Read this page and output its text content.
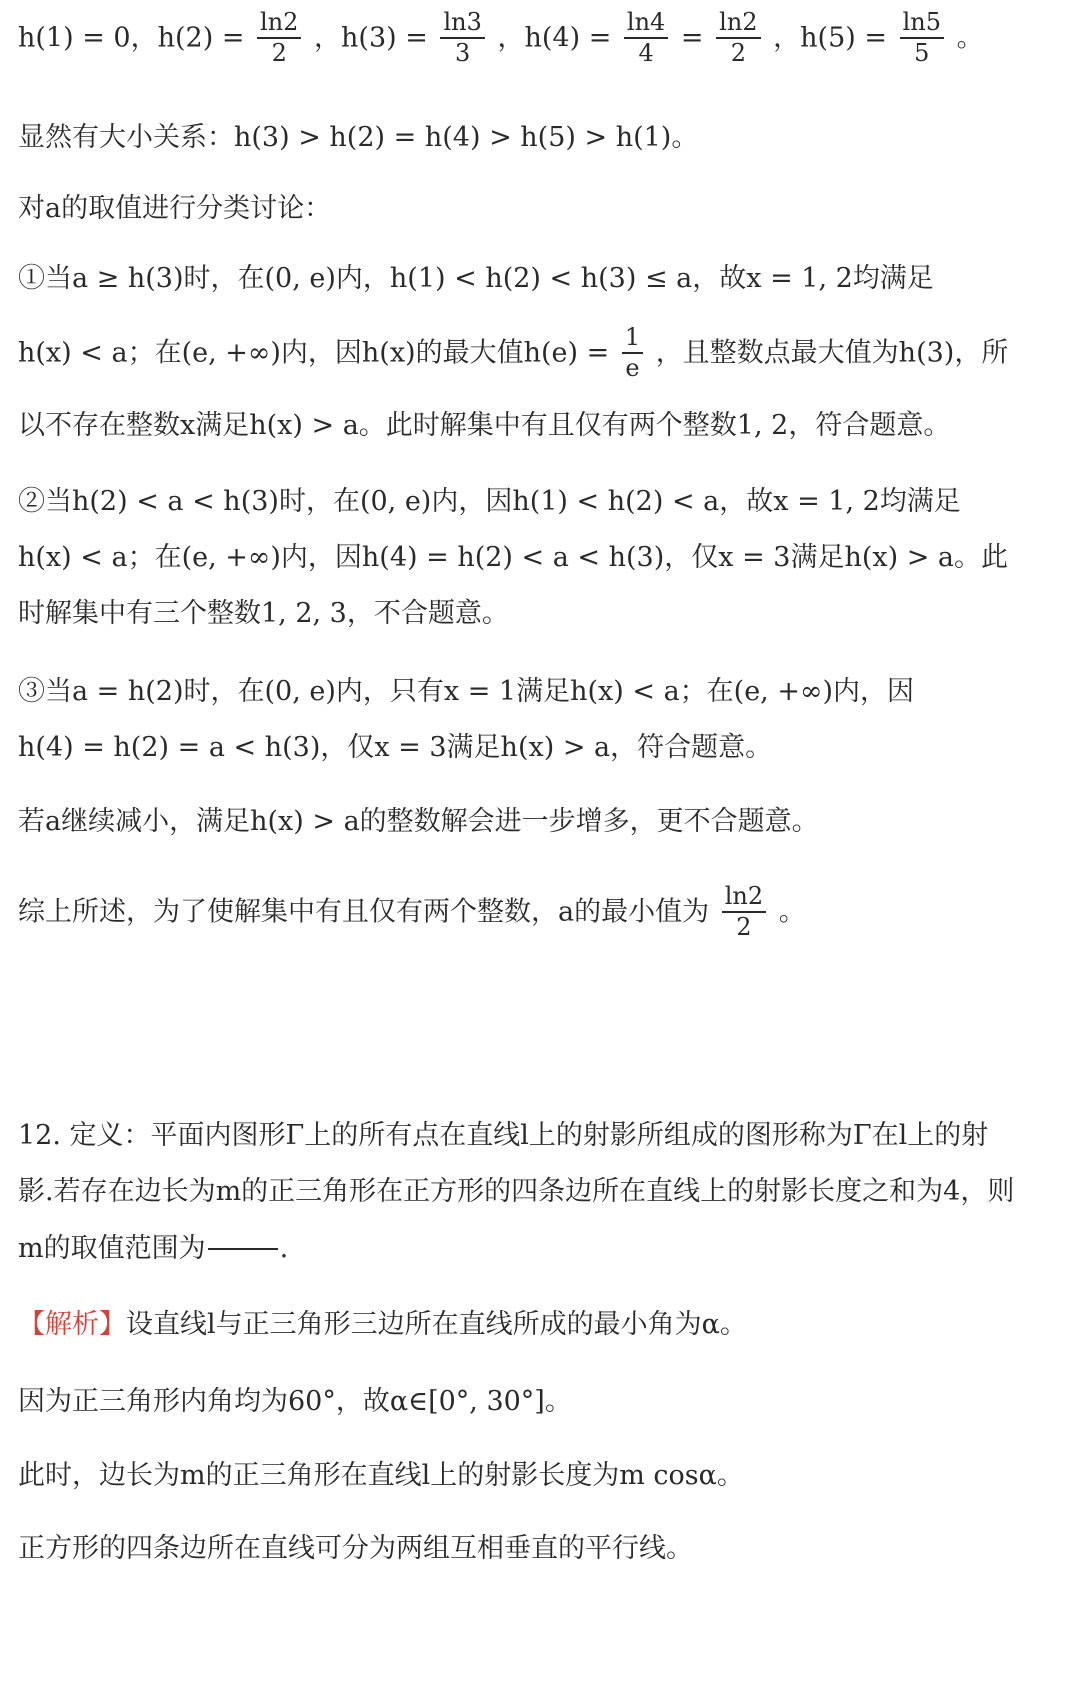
h(1) = 0，$h(2) = \frac{\ln 2}{2}$ ，$h(3) = \frac{\ln 3}{3}$ ，$h(4) = \frac{\ln 4}{4} = \frac{\ln 2}{2}$ ，$h(5) = \frac{\ln 5}{5}$ 。
显然有大小关系：h(3) > h(2) = h(4) > h(5) > h(1)。
对a的取值进行分类讨论：
①当a ≥ h(3)时，在(0, e)内，h(1) < h(2) < h(3) ≤ a，故x = 1, 2均满足
h(x) < a；在(e, +∞)内，因h(x)的最大值$h(e) = \frac{1}{e}$ ，且整数点最大值为h(3)，所
以不存在整数x满足h(x) > a。此时解集中有且仅有两个整数1, 2，符合题意。
②当h(2) < a < h(3)时，在(0, e)内，因h(1) < h(2) < a，故x = 1, 2均满足
h(x) < a；在(e, +∞)内，因h(4) = h(2) < a < h(3)，仅x = 3满足h(x) > a。此
时解集中有三个整数1, 2, 3，不合题意。
③当a = h(2)时，在(0, e)内，只有x = 1满足h(x) < a；在(e, +∞)内，因
h(4) = h(2) = a < h(3)，仅x = 3满足h(x) > a，符合题意。
若a继续减小，满足h(x) > a的整数解会进一步增多，更不合题意。
综上所述，为了使解集中有且仅有两个整数，a的最小值为 $\frac{\ln 2}{2}$ 。
12. 定义：平面内图形Γ上的所有点在直线l上的射影所组成的图形称为Γ在l上的射
影.若存在边长为m的正三角形在正方形的四条边所在直线上的射影长度之和为4，则
m的取值范围为	.
【解析】设直线l与正三角形三边所在直线所成的最小角为α。
因为正三角形内角均为60°，故α∈[0°, 30°]。
此时，边长为m的正三角形在直线l上的射影长度为m cosα。
正方形的四条边所在直线可分为两组互相垂直的平行线。
